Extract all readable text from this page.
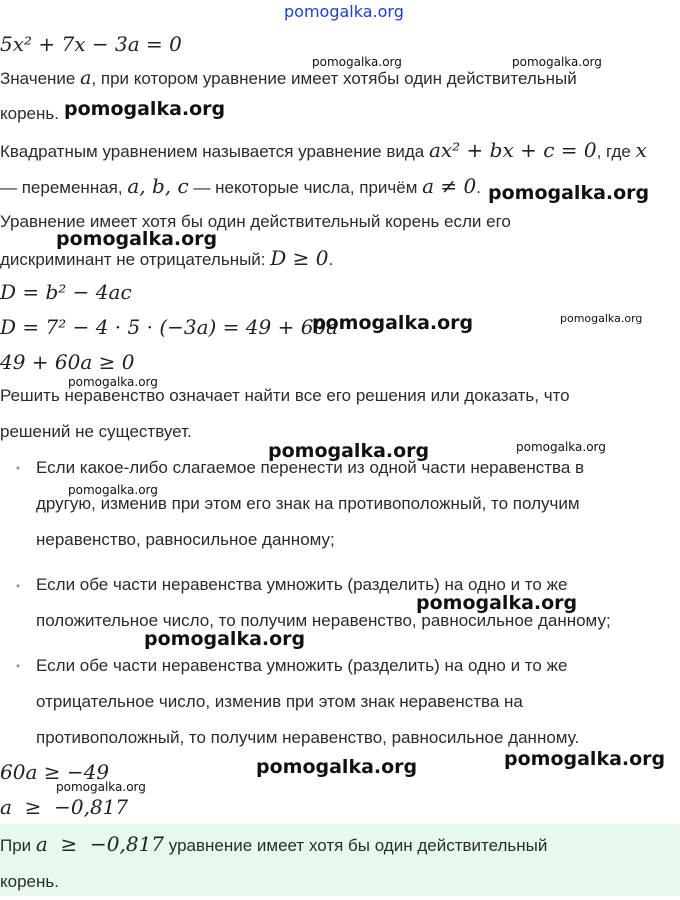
pomogalka.org
5x² + 7x − 3a = 0
Значение a, при котором уравнение имеет хотябы один действительный
корень.
Квадратным уравнением называется уравнение вида ax² + bx + c = 0, где x
— переменная, a, b, c — некоторые числа, причём a ≠ 0.
Уравнение имеет хотя бы один действительный корень если его
дискриминант не отрицательный: D ≥ 0.
D = b² − 4ac
D = 7² − 4 · 5 · (−3a) = 49 + 60a
49 + 60a ≥ 0
Решить неравенство означает найти все его решения или доказать, что
решений не существует.
• Если какое-либо слагаемое перенести из одной части неравенства в
другую, изменив при этом его знак на противоположный, то получим
неравенство, равносильное данному;
• Если обе части неравенства умножить (разделить) на одно и то же
положительное число, то получим неравенство, равносильное данному;
• Если обе части неравенства умножить (разделить) на одно и то же
отрицательное число, изменив при этом знак неравенства на
противоположный, то получим неравенство, равносильное данному.
60a ≥ −49
a  ≥  −0,817
При a  ≥  −0,817 уравнение имеет хотя бы один действительный
корень.
pomogalka.org	pomogalka.org
pomogalka.org
pomogalka.org
pomogalka.org
pomogalka.org	pomogalka.org
pomogalka.org
pomogalka.org	pomogalka.org
pomogalka.org
pomogalka.org
pomogalka.org
pomogalka.org	pomogalka.org
pomogalka.org
